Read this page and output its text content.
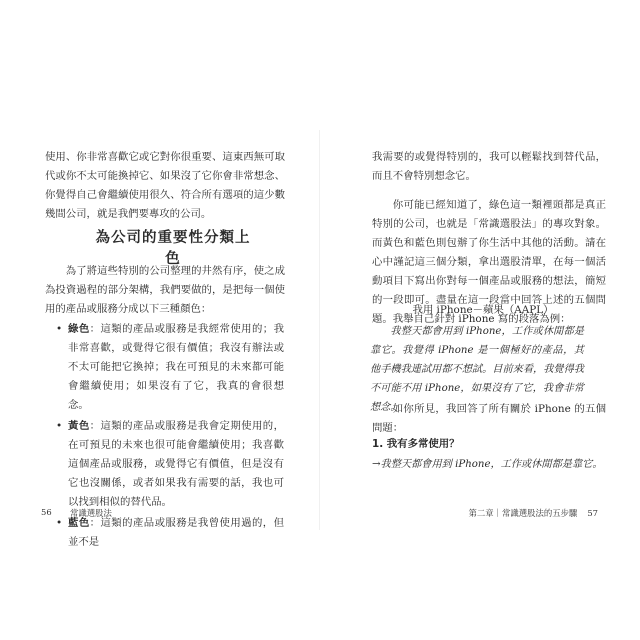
使用、你非常喜歡它或它對你很重要、這東西無可取代或你不太可能換掉它、如果沒了它你會非常想念、你覺得自己會繼續使用很久、符合所有選項的這少數幾間公司，就是我們要專攻的公司。

為公司的重要性分類上色

為了將這些特別的公司整理的井然有序，使之成為投資過程的部分架構，我們要做的，是把每一個使用的產品或服務分成以下三種顏色：

• 綠色：這類的產品或服務是我經常使用的；我非常喜歡，或覺得它很有價值；我沒有辦法或不太可能把它換掉；我在可預見的未來都可能會繼續使用；如果沒有了它，我真的會很想念。
• 黃色：這類的產品或服務是我會定期使用的，在可預見的未來也很可能會繼續使用；我喜歡這個產品或服務，或覺得它有價值，但是沒有它也沒關係，或者如果我有需要的話，我也可以找到相似的替代品。
• 藍色：這類的產品或服務是我曾使用過的，但並不是

56 常識選股法

我需要的或覺得特別的，我可以輕鬆找到替代品，而且不會特別想念它。

你可能已經知道了，綠色這一類裡頭都是真正特別的公司，也就是「常識選股法」的專攻對象。而黃色和藍色則包辦了你生活中其他的活動。請在心中謹記這三個分類，拿出選股清單，在每一個活動項目下寫出你對每一個產品或服務的想法，簡短的一段即可。盡量在這一段當中回答上述的五個問題。我舉自己針對 iPhone 寫的段落為例：

我用 iPhone－蘋果（AAPL）

我整天都會用到 iPhone，工作或休閒都是靠它。我覺得 iPhone 是一個極好的產品，其他手機我連試用都不想試。目前來看，我覺得我不可能不用 iPhone，如果沒有了它，我會非常想念。

如你所見，我回答了所有關於 iPhone 的五個問題：

1. 我有多常使用？

→我整天都會用到 iPhone，工作或休閒都是靠它。

第二章｜常識選股法的五步驟 57
